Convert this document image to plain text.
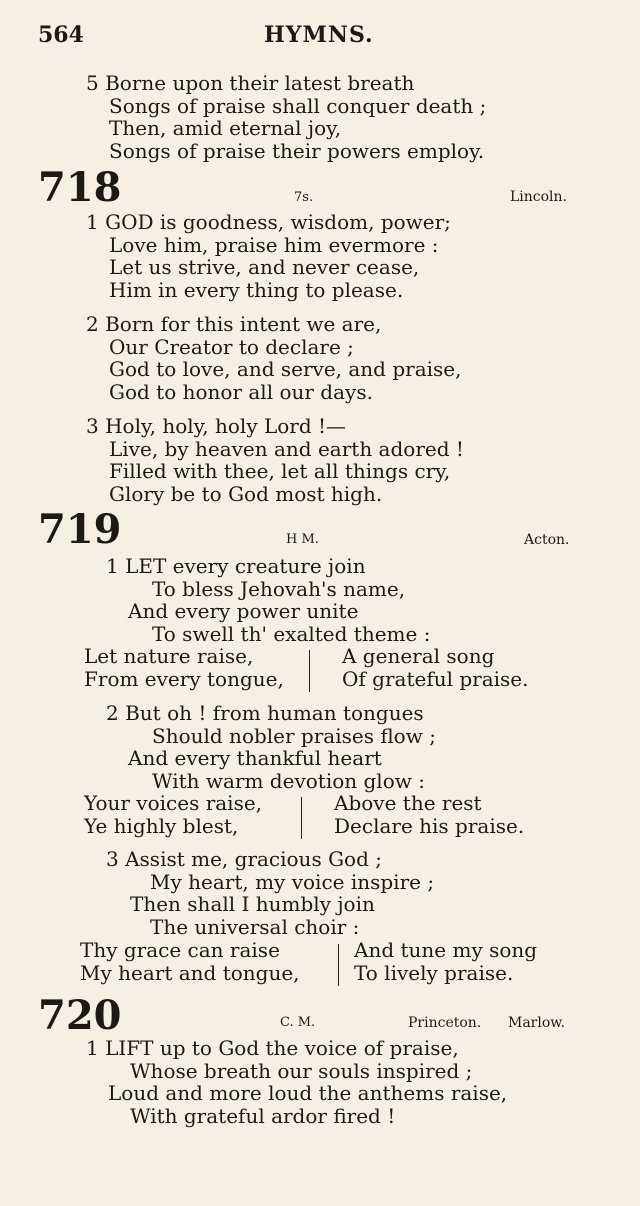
564	HYMNS.
5 Borne upon their latest breath
Songs of praise shall conquer death ;
Then, amid eternal joy,
Songs of praise their powers employ.
718	7s.	Lincoln.
1 GOD is goodness, wisdom, power;
Love him, praise him evermore :
Let us strive, and never cease,
Him in every thing to please.
2 Born for this intent we are,
Our Creator to declare ;
God to love, and serve, and praise,
God to honor all our days.
3 Holy, holy, holy Lord !—
Live, by heaven and earth adored !
Filled with thee, let all things cry,
Glory be to God most high.
719	H M.	Acton.
1 LET every creature join
To bless Jehovah's name,
And every power unite
To swell th' exalted theme :
Let nature raise,
From every tongue,
A general song
Of grateful praise.
2 But oh ! from human tongues
Should nobler praises flow ;
And every thankful heart
With warm devotion glow :
Your voices raise,
Ye highly blest,
Above the rest
Declare his praise.
3 Assist me, gracious God ;
My heart, my voice inspire ;
Then shall I humbly join
The universal choir :
Thy grace can raise
My heart and tongue,
And tune my song
To lively praise.
720	C. M.	Princeton. Marlow.
1 LIFT up to God the voice of praise,
Whose breath our souls inspired ;
Loud and more loud the anthems raise,
With grateful ardor fired !
